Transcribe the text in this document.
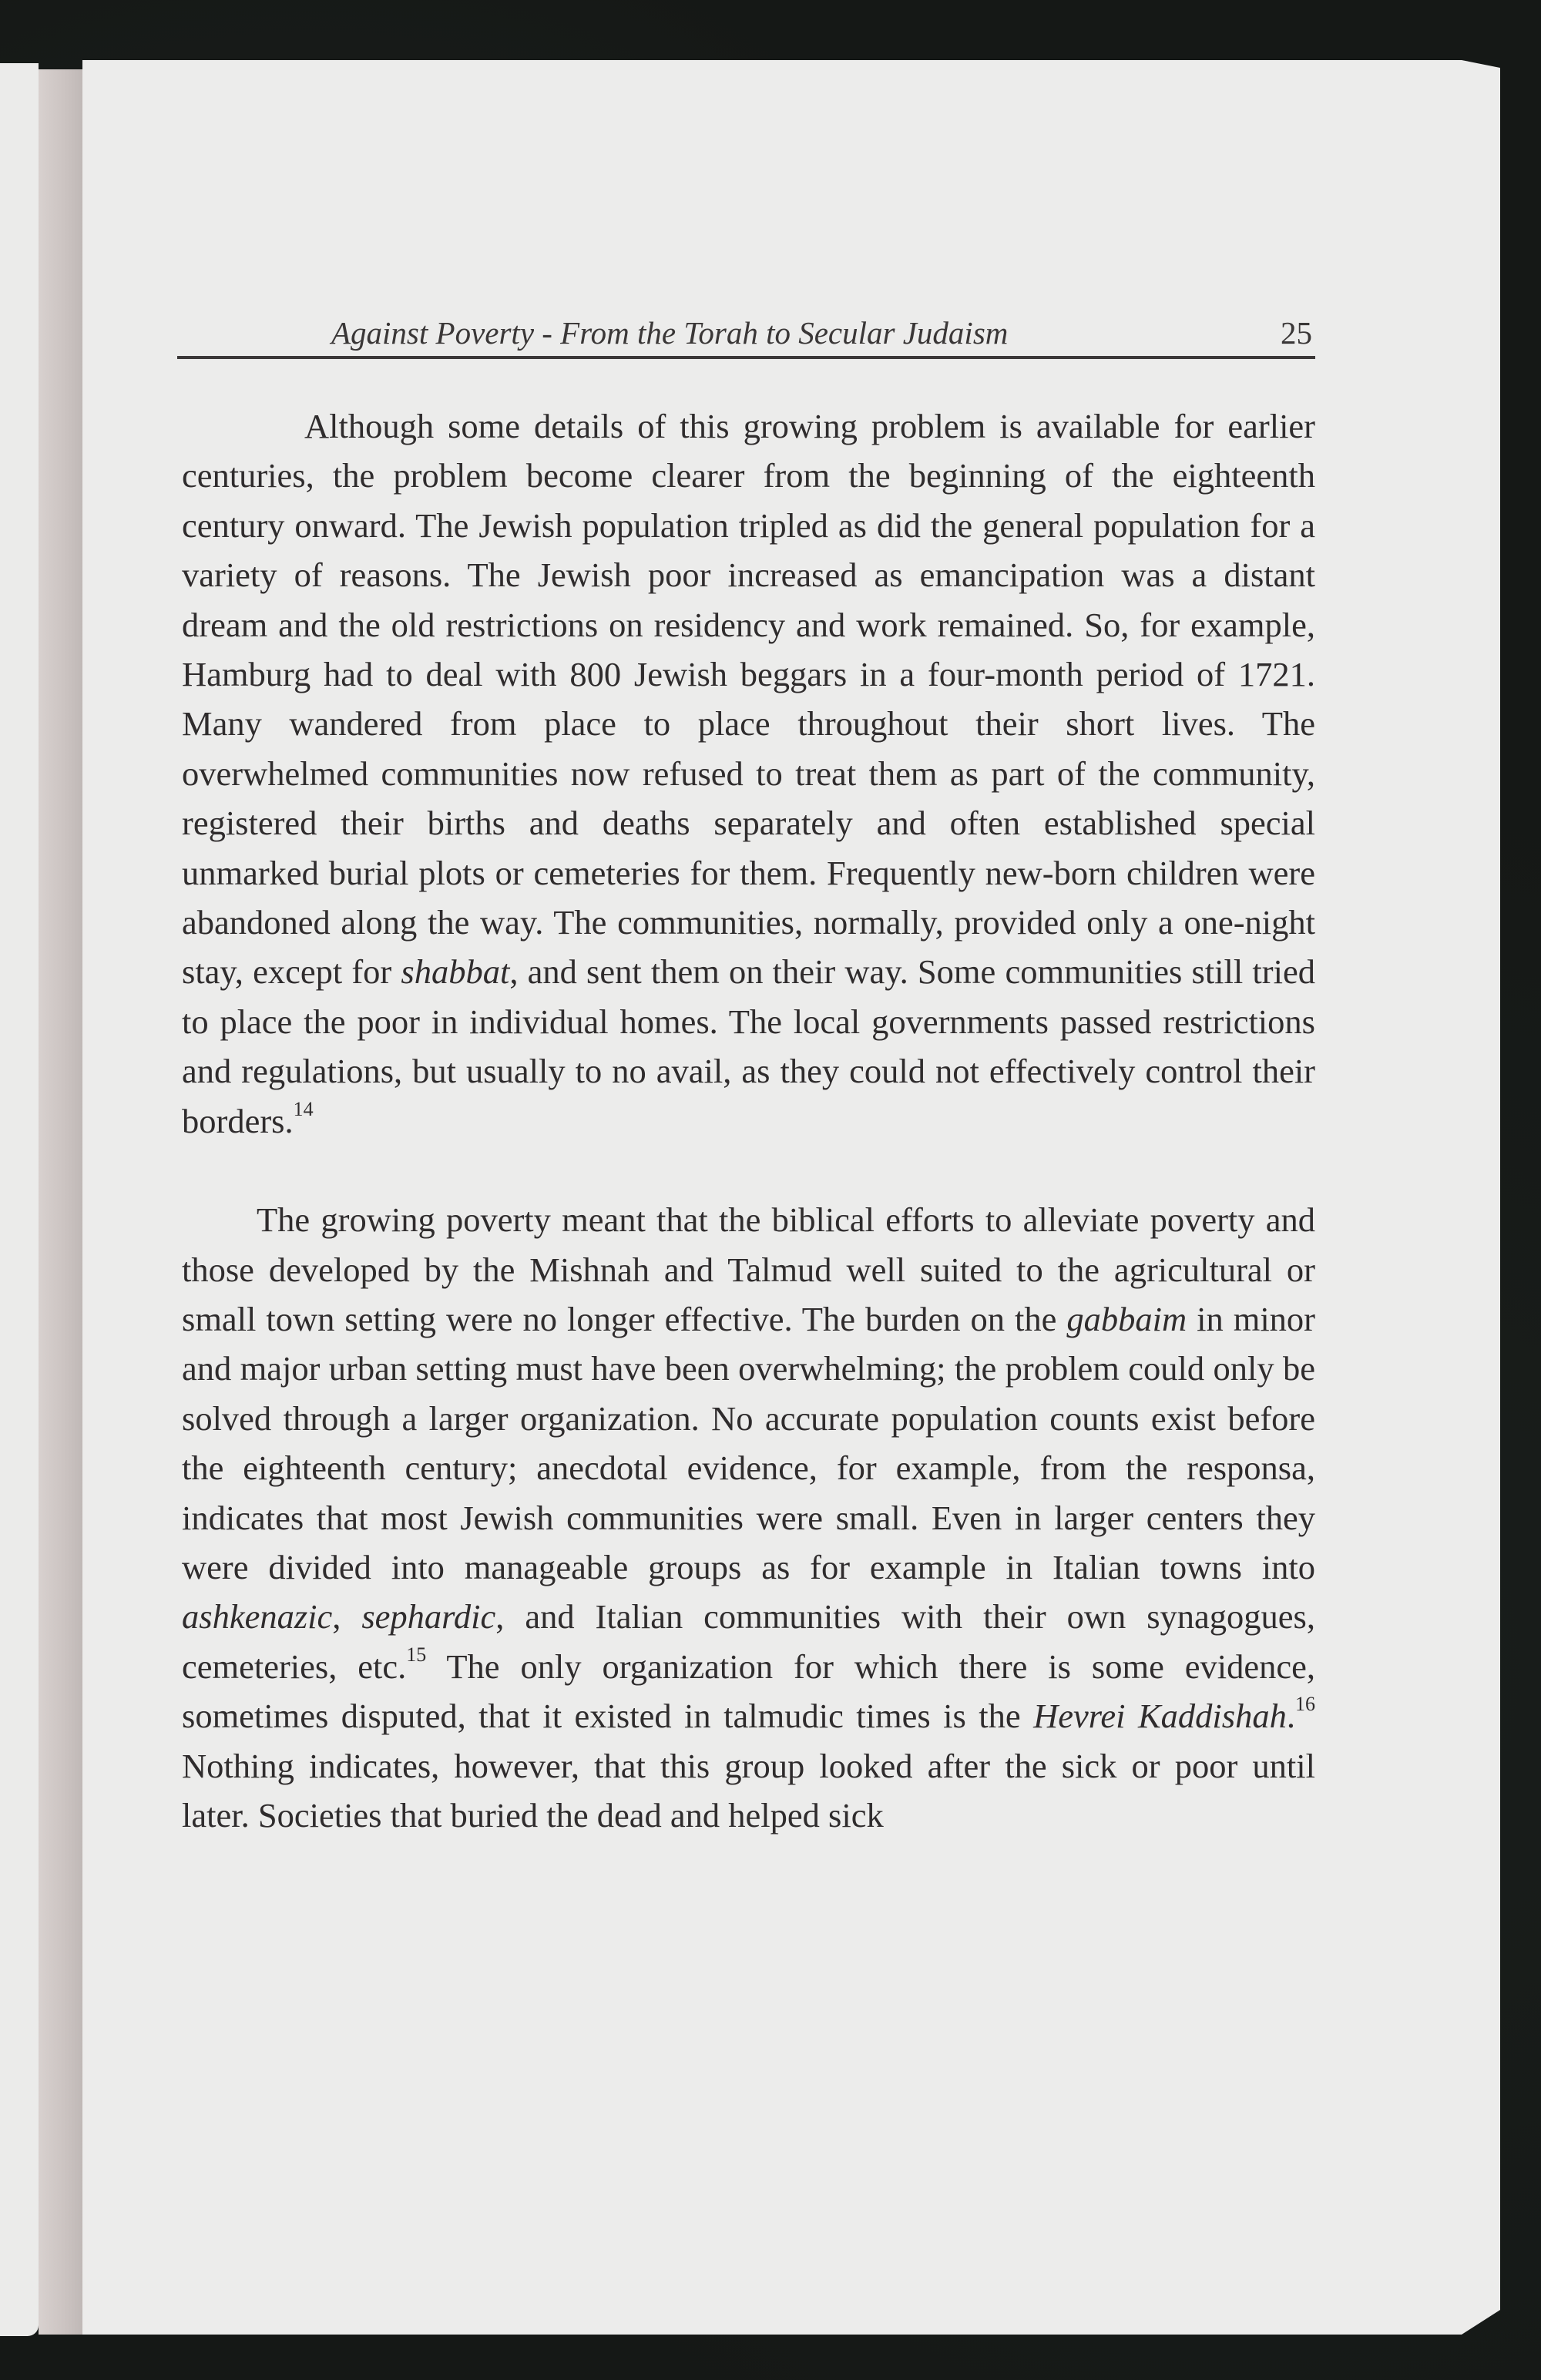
Against Poverty - From the Torah to Secular Judaism	25

Although some details of this growing problem is available for earlier centuries, the problem become clearer from the beginning of the eighteenth century onward. The Jewish population tripled as did the general population for a variety of reasons. The Jewish poor increased as emancipation was a distant dream and the old restrictions on residency and work remained. So, for example, Hamburg had to deal with 800 Jewish beggars in a four-month period of 1721. Many wandered from place to place throughout their short lives. The overwhelmed communities now refused to treat them as part of the community, registered their births and deaths separately and often established special unmarked burial plots or cemeteries for them. Frequently new-born children were abandoned along the way. The communities, normally, provided only a one-night stay, except for shabbat, and sent them on their way. Some communities still tried to place the poor in individual homes. The local governments passed restrictions and regulations, but usually to no avail, as they could not effectively control their borders.$^{14}$

The growing poverty meant that the biblical efforts to alleviate poverty and those developed by the Mishnah and Talmud well suited to the agricultural or small town setting were no longer effective. The burden on the gabbaim in minor and major urban setting must have been overwhelming; the problem could only be solved through a larger organization. No accurate population counts exist before the eighteenth century; anecdotal evidence, for example, from the responsa, indicates that most Jewish communities were small. Even in larger centers they were divided into manageable groups as for example in Italian towns into ashkenazic, sephardic, and Italian communities with their own synagogues, cemeteries, etc.$^{15}$ The only organization for which there is some evidence, sometimes disputed, that it existed in talmudic times is the Hevrei Kaddishah.$^{16}$ Nothing indicates, however, that this group looked after the sick or poor until later. Societies that buried the dead and helped sick
